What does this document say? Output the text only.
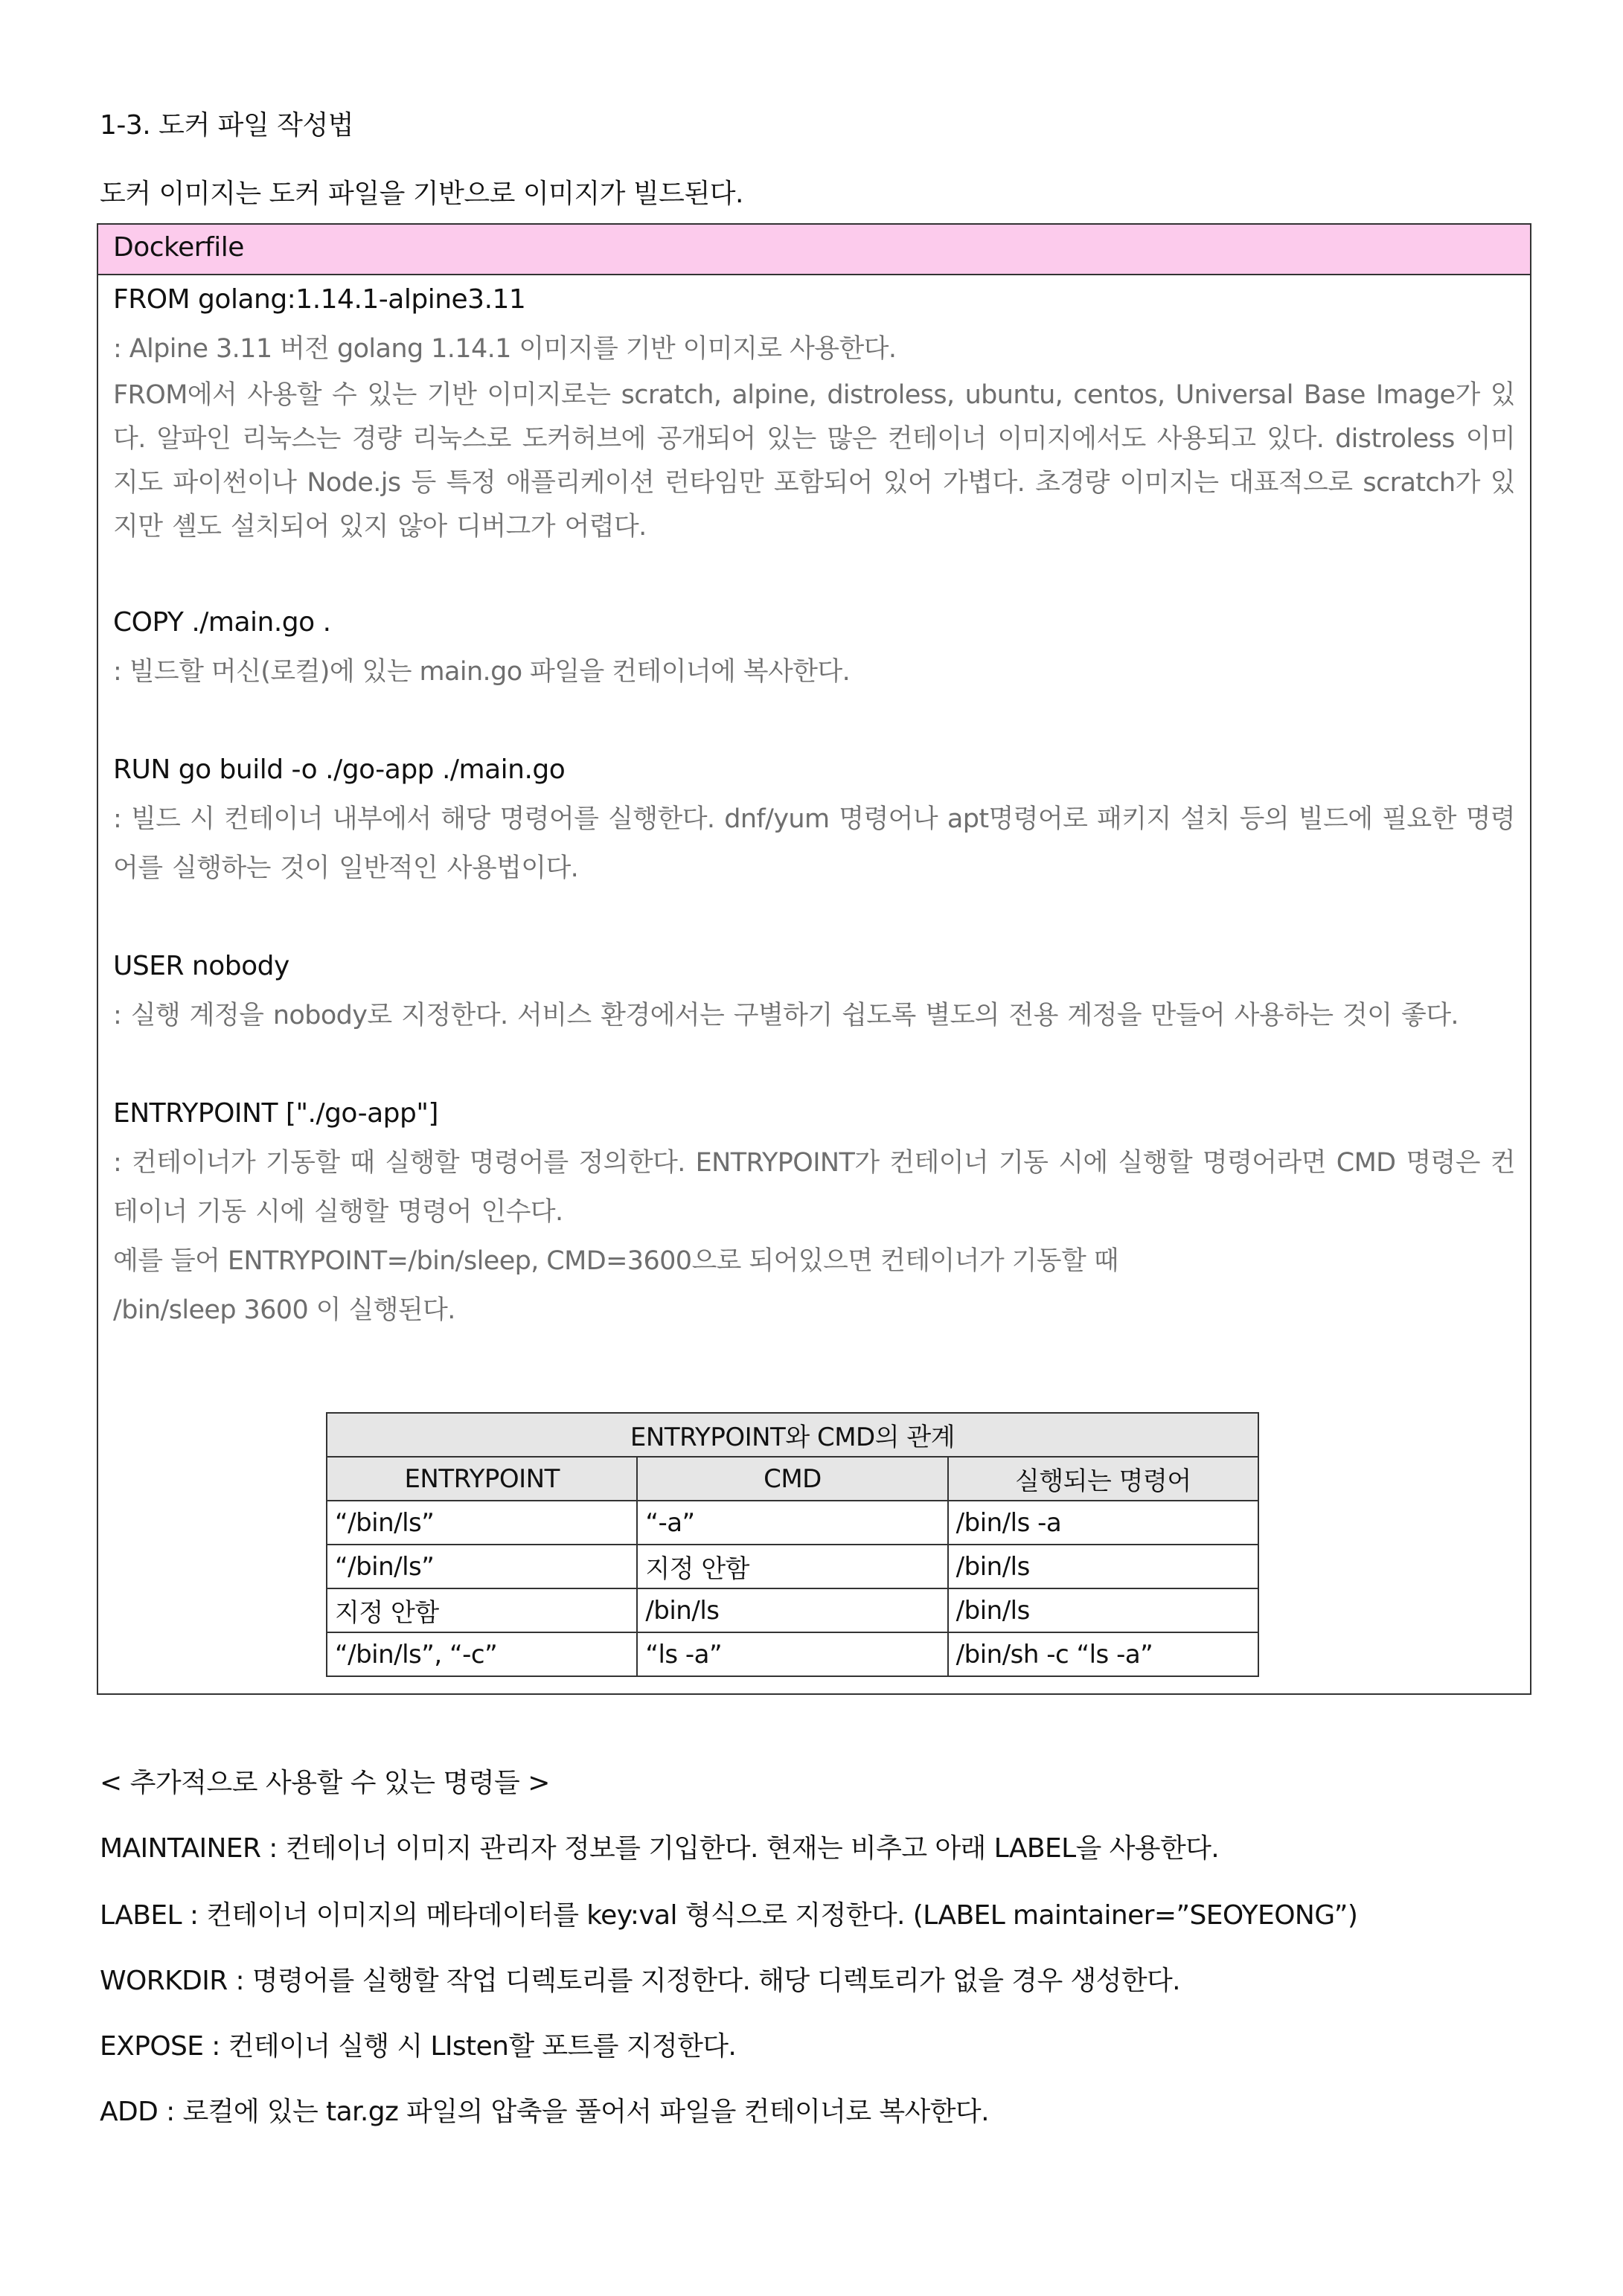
1-3. 도커 파일 작성법
도커 이미지는 도커 파일을 기반으로 이미지가 빌드된다.
Dockerfile
FROM golang:1.14.1-alpine3.11
: Alpine 3.11 버전 golang 1.14.1 이미지를 기반 이미지로 사용한다.
FROM에서 사용할 수 있는 기반 이미지로는 scratch, alpine, distroless, ubuntu, centos, Universal Base Image가 있다. 알파인 리눅스는 경량 리눅스로 도커허브에 공개되어 있는 많은 컨테이너 이미지에서도 사용되고 있다. distroless 이미지도 파이썬이나 Node.js 등 특정 애플리케이션 런타임만 포함되어 있어 가볍다. 초경량 이미지는 대표적으로 scratch가 있지만 셸도 설치되어 있지 않아 디버그가 어렵다.
COPY ./main.go .
: 빌드할 머신(로컬)에 있는 main.go 파일을 컨테이너에 복사한다.
RUN go build -o ./go-app ./main.go
: 빌드 시 컨테이너 내부에서 해당 명령어를 실행한다. dnf/yum 명령어나 apt명령어로 패키지 설치 등의 빌드에 필요한 명령어를 실행하는 것이 일반적인 사용법이다.
USER nobody
: 실행 계정을 nobody로 지정한다. 서비스 환경에서는 구별하기 쉽도록 별도의 전용 계정을 만들어 사용하는 것이 좋다.
ENTRYPOINT ["./go-app"]
: 컨테이너가 기동할 때 실행할 명령어를 정의한다. ENTRYPOINT가 컨테이너 기동 시에 실행할 명령어라면 CMD 명령은 컨테이너 기동 시에 실행할 명령어 인수다.
예를 들어 ENTRYPOINT=/bin/sleep, CMD=3600으로 되어있으면 컨테이너가 기동할 때
/bin/sleep 3600 이 실행된다.
ENTRYPOINT와 CMD의 관계		
ENTRYPOINT	CMD	실행되는 명령어
“/bin/ls”	“-a”	/bin/ls -a
“/bin/ls”	지정 안함	/bin/ls
지정 안함	/bin/ls	/bin/ls
“/bin/ls”, “-c”	“ls -a”	/bin/sh -c “ls -a”
< 추가적으로 사용할 수 있는 명령들 >
MAINTAINER : 컨테이너 이미지 관리자 정보를 기입한다. 현재는 비추고 아래 LABEL을 사용한다.
LABEL : 컨테이너 이미지의 메타데이터를 key:val 형식으로 지정한다. (LABEL maintainer=”SEOYEONG”)
WORKDIR : 명령어를 실행할 작업 디렉토리를 지정한다. 해당 디렉토리가 없을 경우 생성한다.
EXPOSE : 컨테이너 실행 시 LIsten할 포트를 지정한다.
ADD : 로컬에 있는 tar.gz 파일의 압축을 풀어서 파일을 컨테이너로 복사한다.
